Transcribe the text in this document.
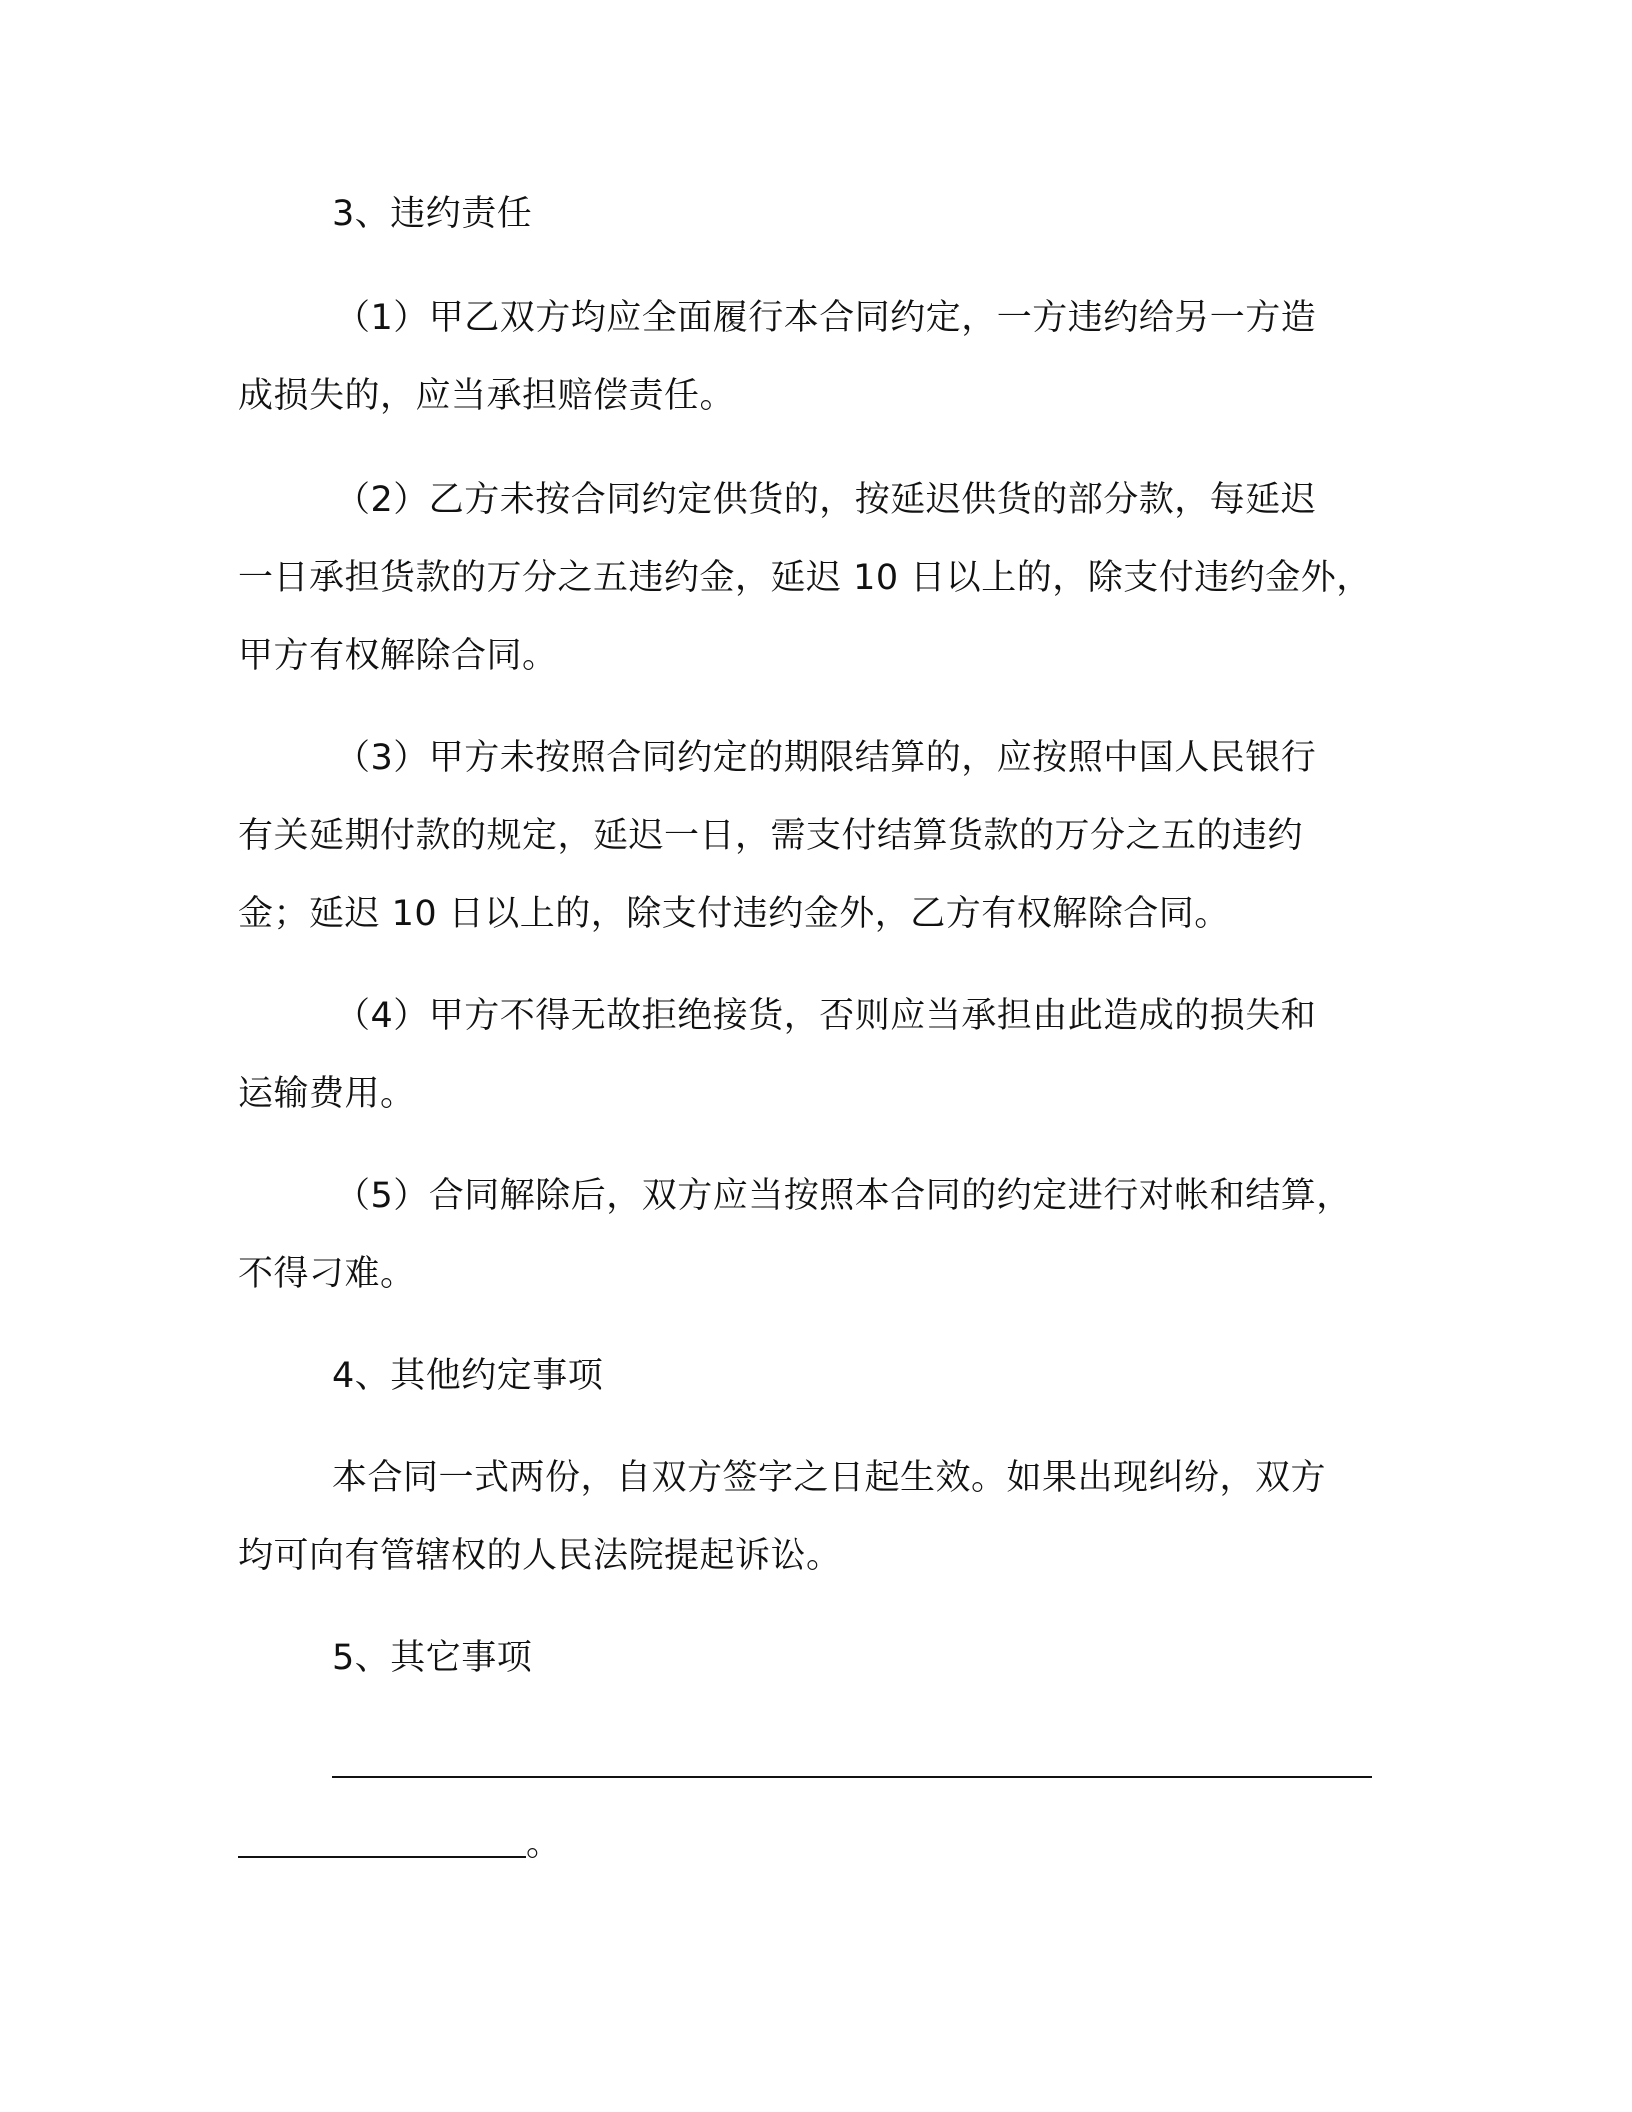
3、违约责任
（1）甲乙双方均应全面履行本合同约定，一方违约给另一方造
成损失的，应当承担赔偿责任。
（2）乙方未按合同约定供货的，按延迟供货的部分款，每延迟
一日承担货款的万分之五违约金，延迟 10 日以上的，除支付违约金外，
甲方有权解除合同。
（3）甲方未按照合同约定的期限结算的，应按照中国人民银行
有关延期付款的规定，延迟一日，需支付结算货款的万分之五的违约
金；延迟 10 日以上的，除支付违约金外，乙方有权解除合同。
（4）甲方不得无故拒绝接货，否则应当承担由此造成的损失和
运输费用。
（5）合同解除后，双方应当按照本合同的约定进行对帐和结算，
不得刁难。
4、其他约定事项
本合同一式两份，自双方签字之日起生效。如果出现纠纷，双方
均可向有管辖权的人民法院提起诉讼。
5、其它事项
。
